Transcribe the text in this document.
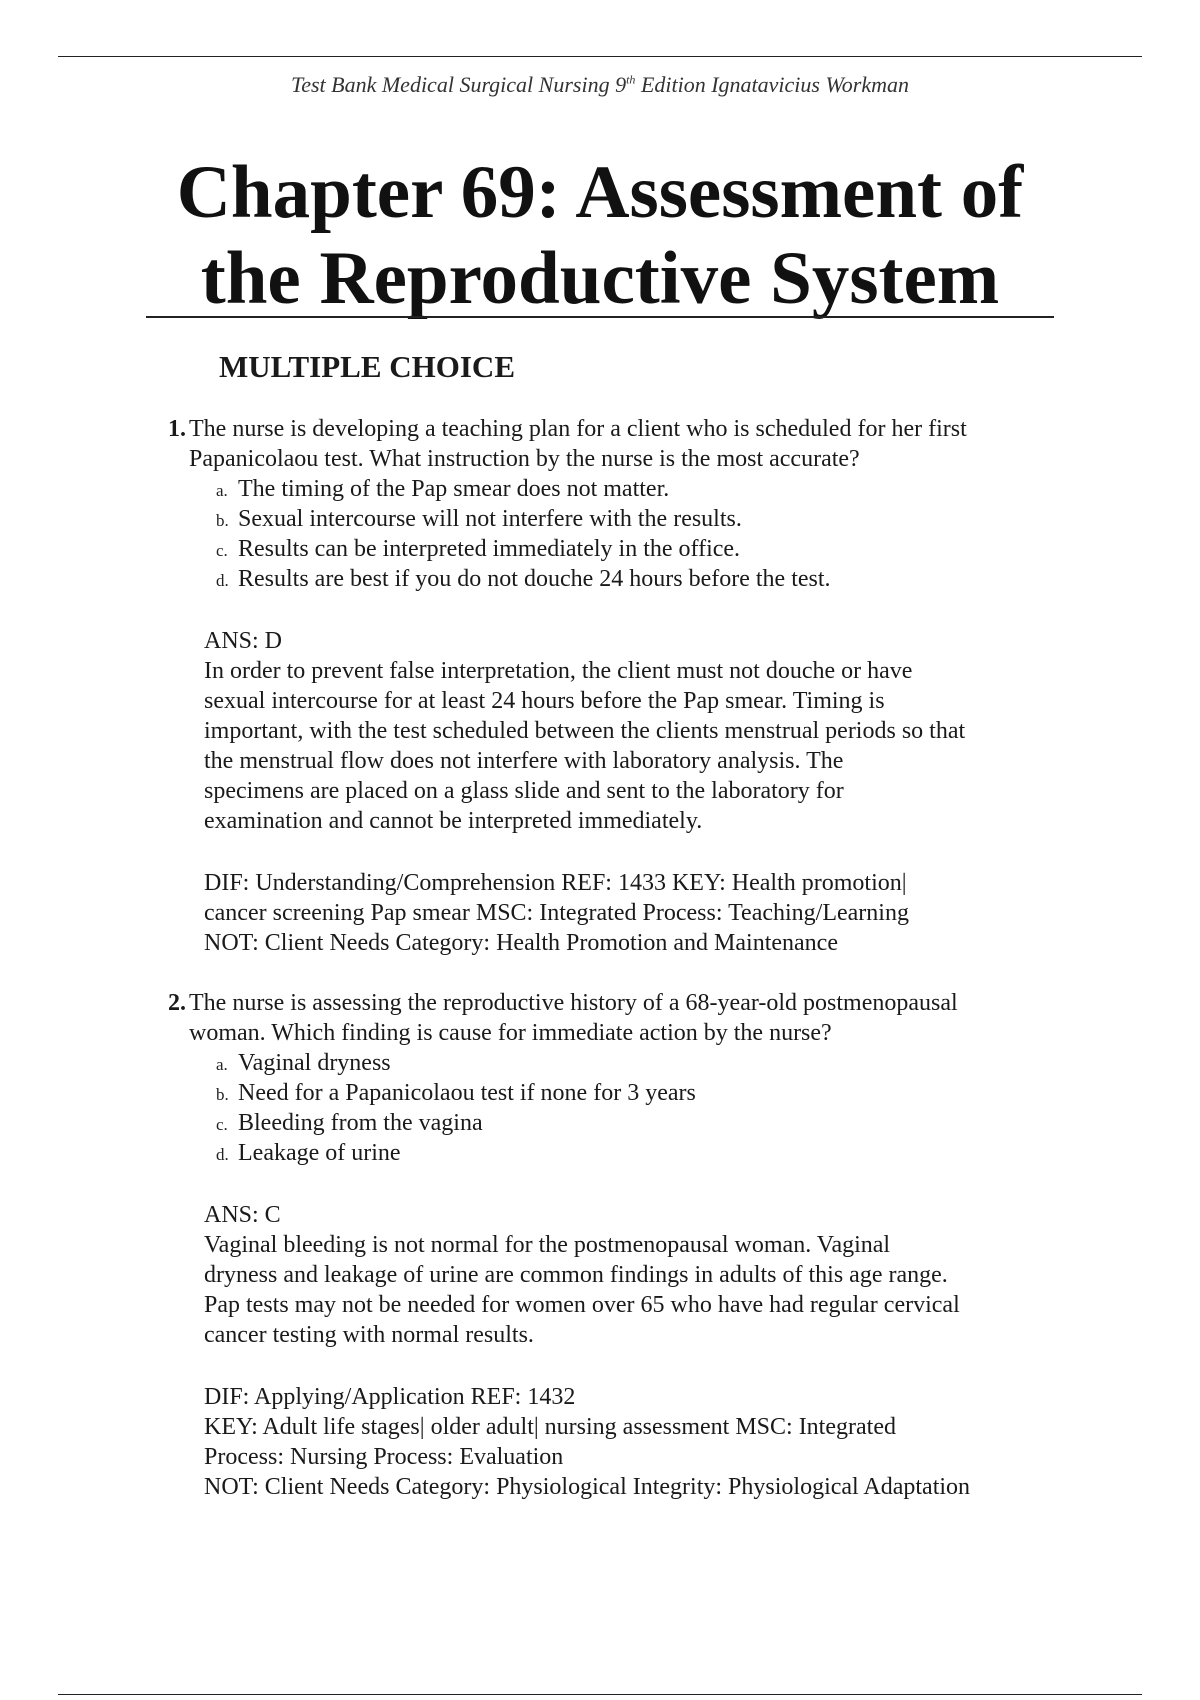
Test Bank Medical Surgical Nursing 9th Edition Ignatavicius Workman
Chapter 69: Assessment of
the Reproductive System
MULTIPLE CHOICE
1. The nurse is developing a teaching plan for a client who is scheduled for her first
Papanicolaou test. What instruction by the nurse is the most accurate?
a. The timing of the Pap smear does not matter.
b. Sexual intercourse will not interfere with the results.
c. Results can be interpreted immediately in the office.
d. Results are best if you do not douche 24 hours before the test.
ANS: D
In order to prevent false interpretation, the client must not douche or have
sexual intercourse for at least 24 hours before the Pap smear. Timing is
important, with the test scheduled between the clients menstrual periods so that
the menstrual flow does not interfere with laboratory analysis. The
specimens are placed on a glass slide and sent to the laboratory for
examination and cannot be interpreted immediately.
DIF: Understanding/Comprehension REF: 1433 KEY: Health promotion|
cancer screening Pap smear MSC: Integrated Process: Teaching/Learning
NOT: Client Needs Category: Health Promotion and Maintenance
2. The nurse is assessing the reproductive history of a 68-year-old postmenopausal
woman. Which finding is cause for immediate action by the nurse?
a. Vaginal dryness
b. Need for a Papanicolaou test if none for 3 years
c. Bleeding from the vagina
d. Leakage of urine
ANS: C
Vaginal bleeding is not normal for the postmenopausal woman. Vaginal
dryness and leakage of urine are common findings in adults of this age range.
Pap tests may not be needed for women over 65 who have had regular cervical
cancer testing with normal results.
DIF: Applying/Application REF: 1432
KEY: Adult life stages| older adult| nursing assessment MSC: Integrated
Process: Nursing Process: Evaluation
NOT: Client Needs Category: Physiological Integrity: Physiological Adaptation
